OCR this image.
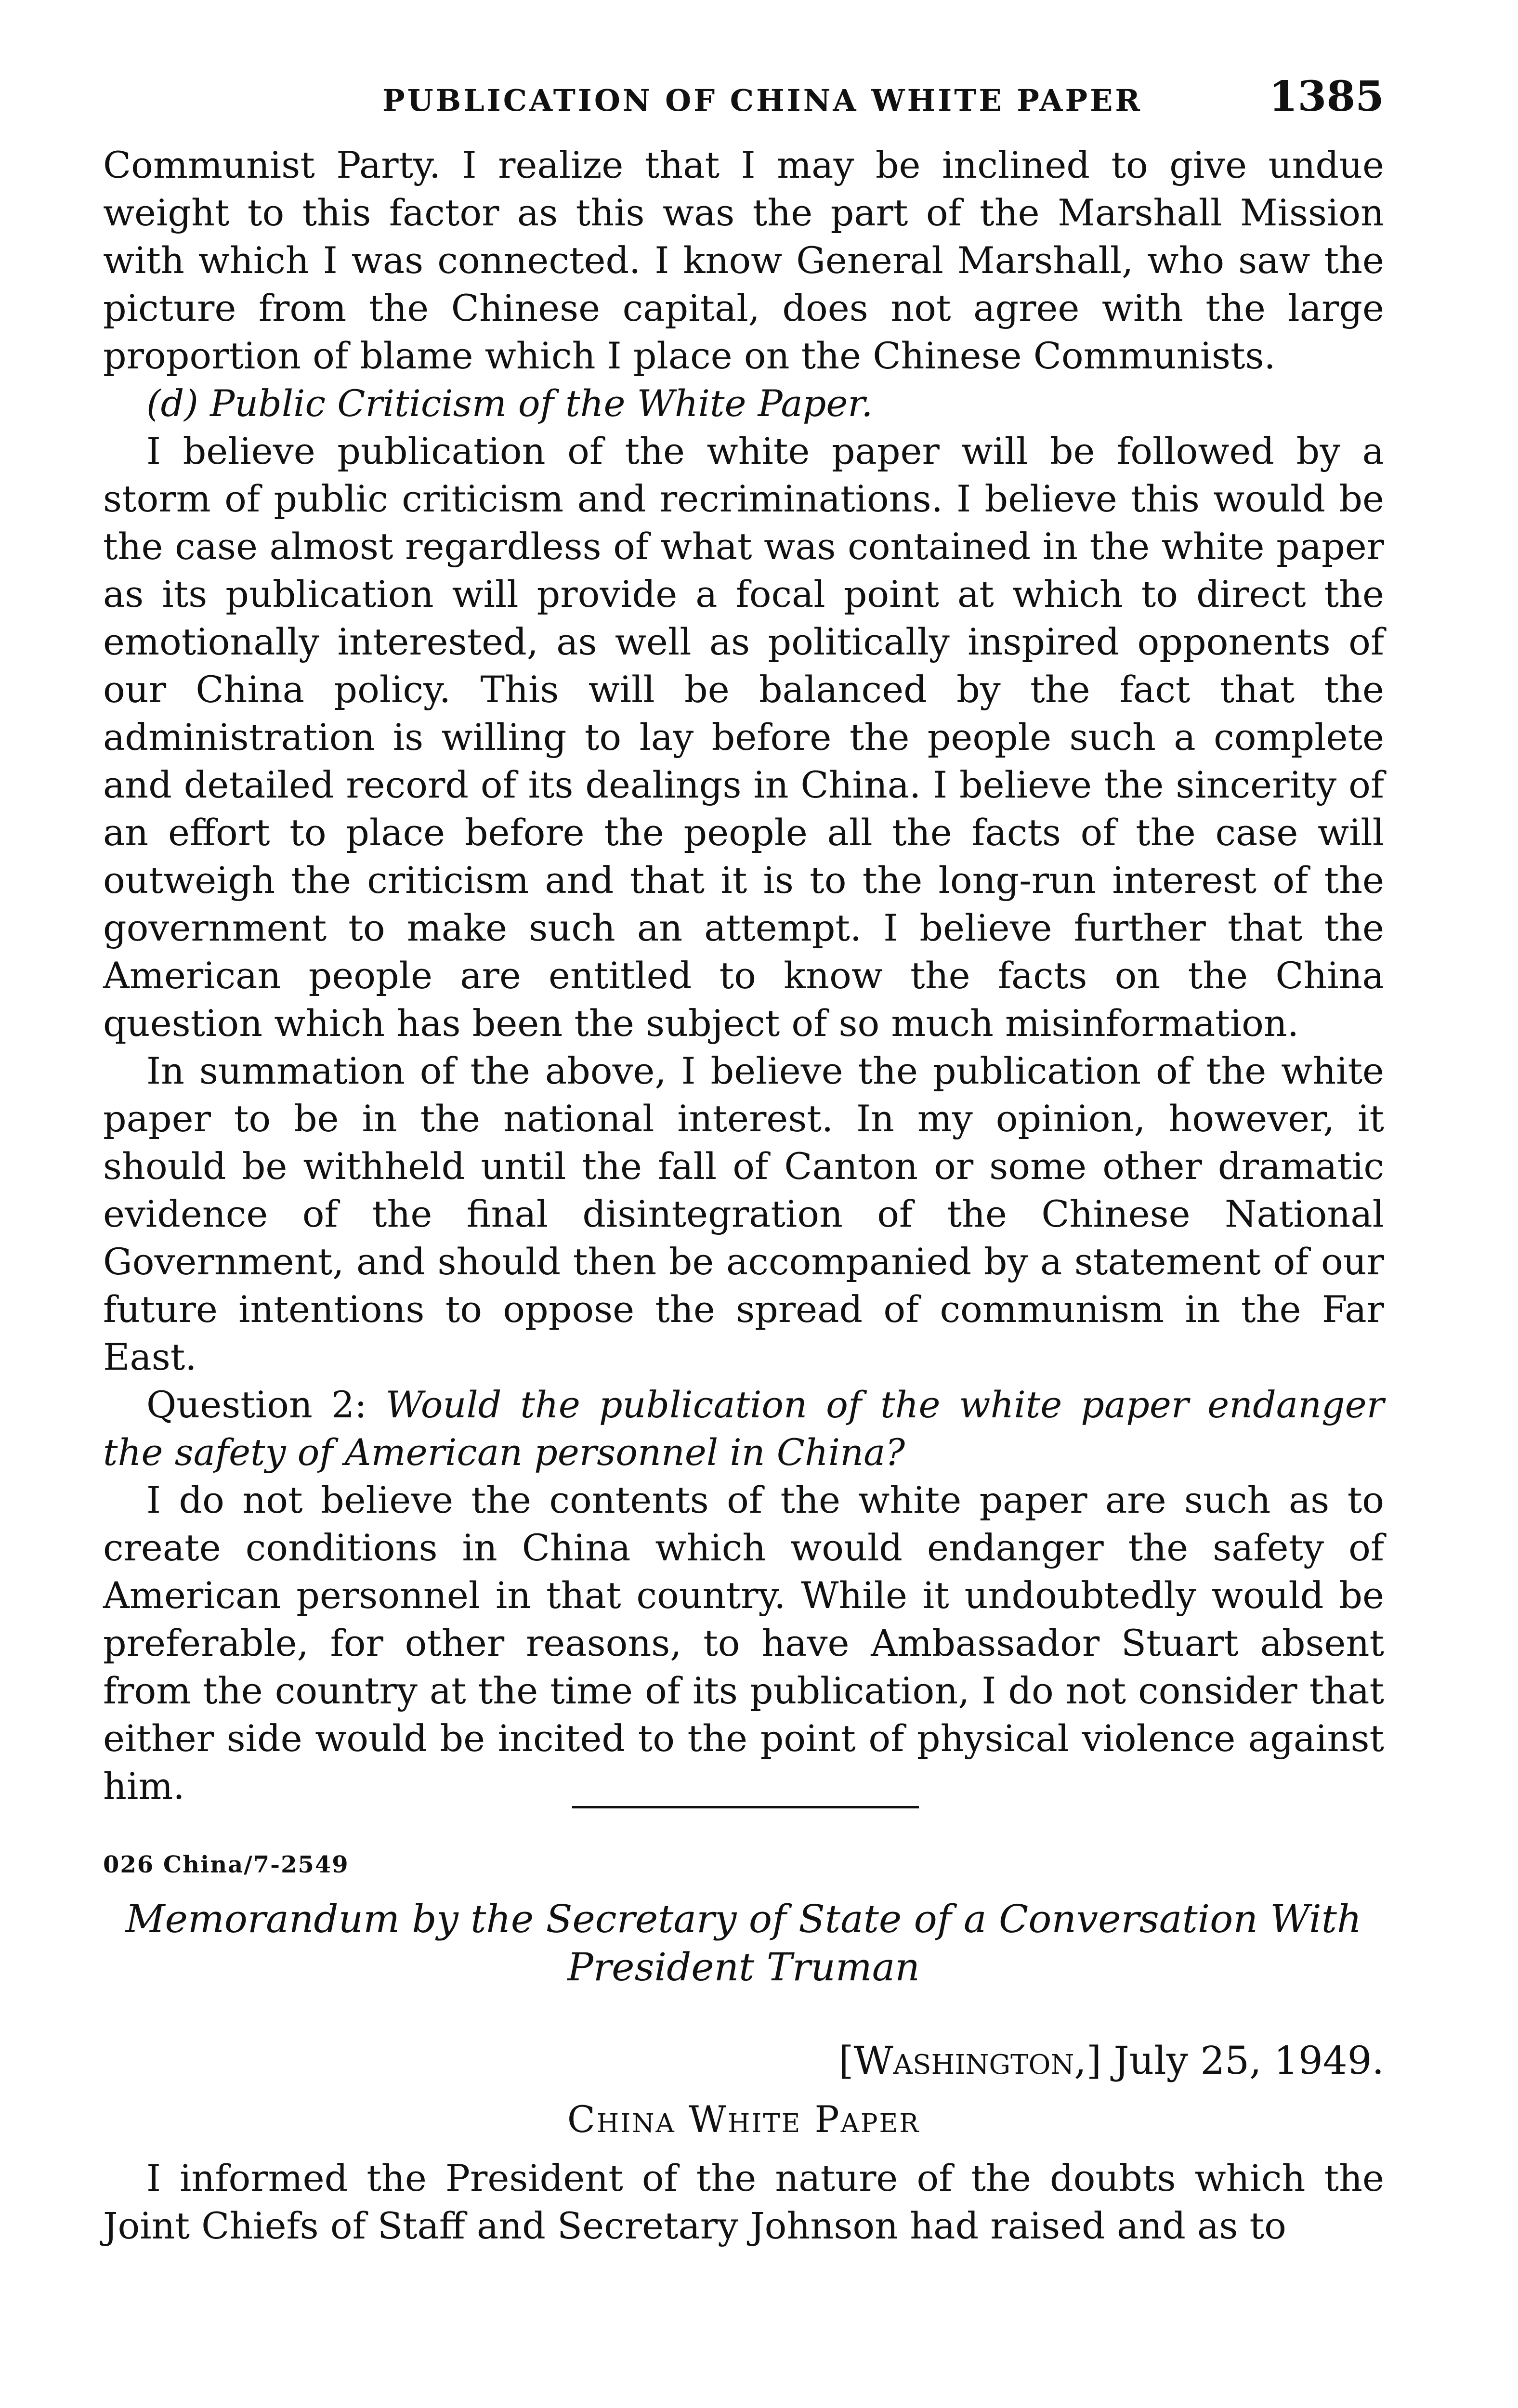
PUBLICATION OF CHINA WHITE PAPER	1385

Communist Party. I realize that I may be inclined to give undue weight to this factor as this was the part of the Marshall Mission with which I was connected. I know General Marshall, who saw the picture from the Chinese capital, does not agree with the large proportion of blame which I place on the Chinese Communists.

(d) Public Criticism of the White Paper.

I believe publication of the white paper will be followed by a storm of public criticism and recriminations. I believe this would be the case almost regardless of what was contained in the white paper as its publication will provide a focal point at which to direct the emotionally interested, as well as politically inspired opponents of our China policy. This will be balanced by the fact that the administration is willing to lay before the people such a complete and detailed record of its dealings in China. I believe the sincerity of an effort to place before the people all the facts of the case will outweigh the criticism and that it is to the long-run interest of the government to make such an attempt. I believe further that the American people are entitled to know the facts on the China question which has been the subject of so much misinformation.

In summation of the above, I believe the publication of the white paper to be in the national interest. In my opinion, however, it should be withheld until the fall of Canton or some other dramatic evidence of the final disintegration of the Chinese National Government, and should then be accompanied by a statement of our future intentions to oppose the spread of communism in the Far East.

Question 2: Would the publication of the white paper endanger the safety of American personnel in China?

I do not believe the contents of the white paper are such as to create conditions in China which would endanger the safety of American personnel in that country. While it undoubtedly would be preferable, for other reasons, to have Ambassador Stuart absent from the country at the time of its publication, I do not consider that either side would be incited to the point of physical violence against him.

026 China/7-2549
Memorandum by the Secretary of State of a Conversation With
President Truman
[Washington,] July 25, 1949.
China White Paper

I informed the President of the nature of the doubts which the Joint Chiefs of Staff and Secretary Johnson had raised and as to
